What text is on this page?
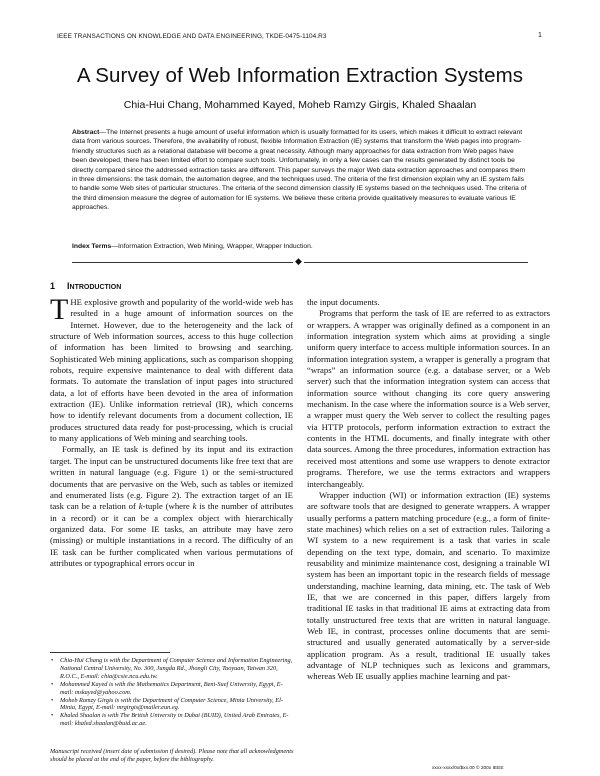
IEEE TRANSACTIONS ON KNOWLEDGE AND DATA ENGINEERING, TKDE-0475-1104.R3	1
A Survey of Web Information Extraction Systems
Chia-Hui Chang, Mohammed Kayed, Moheb Ramzy Girgis, Khaled Shaalan
Abstract—The Internet presents a huge amount of useful information which is usually formatted for its users, which makes it difficult to extract relevant data from various sources. Therefore, the availability of robust, flexible Information Extraction (IE) systems that transform the Web pages into program-friendly structures such as a relational database will become a great necessity. Although many approaches for data extraction from Web pages have been developed, there has been limited effort to compare such tools. Unfortunately, in only a few cases can the results generated by distinct tools be directly compared since the addressed extraction tasks are different. This paper surveys the major Web data extraction approaches and compares them in three dimensions: the task domain, the automation degree, and the techniques used. The criteria of the first dimension explain why an IE system fails to handle some Web sites of particular structures. The criteria of the second dimension classify IE systems based on the techniques used. The criteria of the third dimension measure the degree of automation for IE systems. We believe these criteria provide qualitatively measures to evaluate various IE approaches.
Index Terms—Information Extraction, Web Mining, Wrapper, Wrapper Induction.
◆
1 INTRODUCTION

THE explosive growth and popularity of the world-wide web has resulted in a huge amount of information sources on the Internet. However, due to the heterogeneity and the lack of structure of Web information sources, access to this huge collection of information has been limited to browsing and searching. Sophisticated Web mining applications, such as comparison shopping robots, require expensive maintenance to deal with different data formats. To automate the translation of input pages into structured data, a lot of efforts have been devoted in the area of information extraction (IE). Unlike information retrieval (IR), which concerns how to identify relevant documents from a document collection, IE produces structured data ready for post-processing, which is crucial to many applications of Web mining and searching tools.

Formally, an IE task is defined by its input and its extraction target. The input can be unstructured documents like free text that are written in natural language (e.g. Figure 1) or the semi-structured documents that are pervasive on the Web, such as tables or itemized and enumerated lists (e.g. Figure 2). The extraction target of an IE task can be a relation of k-tuple (where k is the number of attributes in a record) or it can be a complex object with hierarchically organized data. For some IE tasks, an attribute may have zero (missing) or multiple instantiations in a record. The difficulty of an IE task can be further complicated when various permutations of attributes or typographical errors occur in

the input documents.

Programs that perform the task of IE are referred to as extractors or wrappers. A wrapper was originally defined as a component in an information integration system which aims at providing a single uniform query interface to access multiple information sources. In an information integration system, a wrapper is generally a program that “wraps” an information source (e.g. a database server, or a Web server) such that the information integration system can access that information source without changing its core query answering mechanism. In the case where the information source is a Web server, a wrapper must query the Web server to collect the resulting pages via HTTP protocols, perform information extraction to extract the contents in the HTML documents, and finally integrate with other data sources. Among the three procedures, information extraction has received most attentions and some use wrappers to denote extractor programs. Therefore, we use the terms extractors and wrappers interchangeably.

Wrapper induction (WI) or information extraction (IE) systems are software tools that are designed to generate wrappers. A wrapper usually performs a pattern matching procedure (e.g., a form of finite-state machines) which relies on a set of extraction rules. Tailoring a WI system to a new requirement is a task that varies in scale depending on the text type, domain, and scenario. To maximize reusability and minimize maintenance cost, designing a trainable WI system has been an important topic in the research fields of message understanding, machine learning, data mining, etc. The task of Web IE, that we are concerned in this paper, differs largely from traditional IE tasks in that traditional IE aims at extracting data from totally unstructured free texts that are written in natural language. Web IE, in contrast, processes online documents that are semi-structured and usually generated automatically by a server-side application program. As a result, traditional IE usually takes advantage of NLP techniques such as lexicons and grammars, whereas Web IE usually applies machine learning and pat-

• Chia-Hui Chang is with the Department of Computer Science and Information Engineering, National Central University, No. 300, Jungda Rd., Jhongli City, Taoyuan, Taiwan 320, R.O.C., E-mail: chia@csie.ncu.edu.tw.
• Mohammed Kayed is with the Mathematics Department, Beni-Suef University, Egypt, E-mail: mskayed@yahoo.com.
• Moheb Ramzy Girgis is with the Department of Computer Science, Minia University, El-Minia, Egypt, E-mail: mrgirgis@mailer.eun.eg.
• Khaled Shaalan is with The British University in Dubai (BUID), United Arab Emirates, E-mail: khaled.shaalan@buid.ac.ae.
Manuscript received (insert date of submission if desired). Please note that all acknowledgments should be placed at the end of the paper, before the bibliography.
xxxx-xxxx/0x/$xx.00 © 200x IEEE
